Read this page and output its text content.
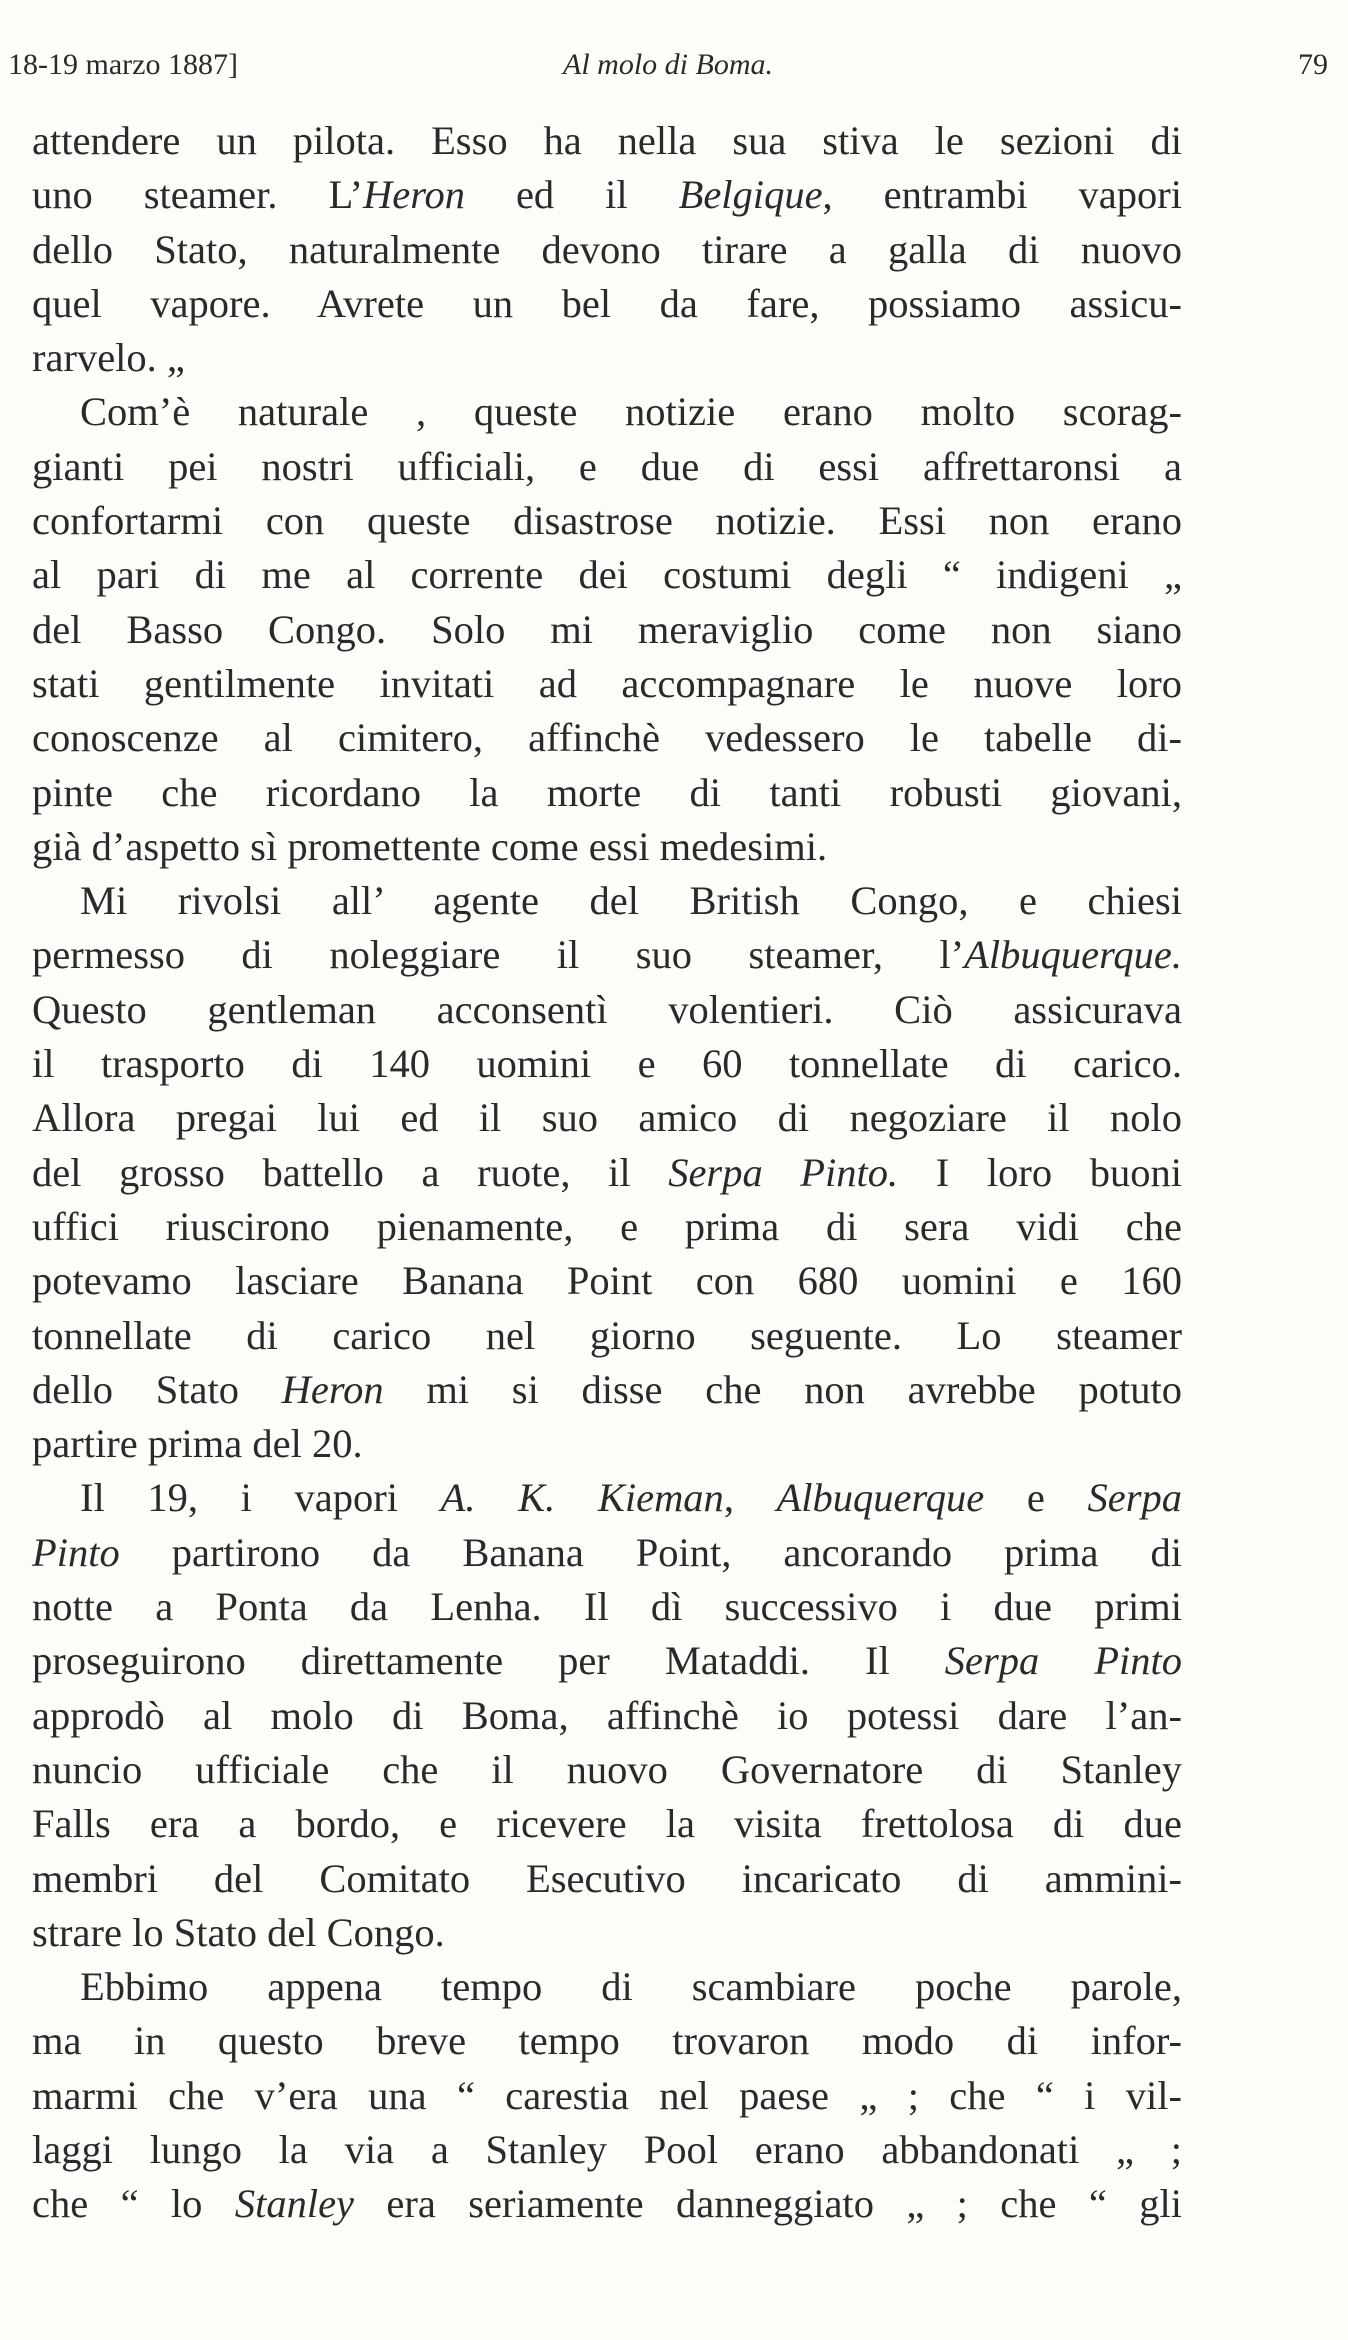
18-19 marzo 1887]	Al molo di Boma.	79
attendere un pilota. Esso ha nella sua stiva le sezioni di
uno steamer. L’Heron ed il Belgique, entrambi vapori
dello Stato, naturalmente devono tirare a galla di nuovo
quel vapore. Avrete un bel da fare, possiamo assicu-
rarvelo. „
Com’è naturale , queste notizie erano molto scorag-
gianti pei nostri ufficiali, e due di essi affrettaronsi a
confortarmi con queste disastrose notizie. Essi non erano
al pari di me al corrente dei costumi degli “ indigeni „
del Basso Congo. Solo mi meraviglio come non siano
stati gentilmente invitati ad accompagnare le nuove loro
conoscenze al cimitero, affinchè vedessero le tabelle di-
pinte che ricordano la morte di tanti robusti giovani,
già d’aspetto sì promettente come essi medesimi.
Mi rivolsi all’ agente del British Congo, e chiesi
permesso di noleggiare il suo steamer, l’Albuquerque.
Questo gentleman acconsentì volentieri. Ciò assicurava
il trasporto di 140 uomini e 60 tonnellate di carico.
Allora pregai lui ed il suo amico di negoziare il nolo
del grosso battello a ruote, il Serpa Pinto. I loro buoni
uffici riuscirono pienamente, e prima di sera vidi che
potevamo lasciare Banana Point con 680 uomini e 160
tonnellate di carico nel giorno seguente. Lo steamer
dello Stato Heron mi si disse che non avrebbe potuto
partire prima del 20.
Il 19, i vapori A. K. Kieman, Albuquerque e Serpa
Pinto partirono da Banana Point, ancorando prima di
notte a Ponta da Lenha. Il dì successivo i due primi
proseguirono direttamente per Mataddi. Il Serpa Pinto
approdò al molo di Boma, affinchè io potessi dare l’an-
nuncio ufficiale che il nuovo Governatore di Stanley
Falls era a bordo, e ricevere la visita frettolosa di due
membri del Comitato Esecutivo incaricato di ammini-
strare lo Stato del Congo.
Ebbimo appena tempo di scambiare poche parole,
ma in questo breve tempo trovaron modo di infor-
marmi che v’era una “ carestia nel paese „ ; che “ i vil-
laggi lungo la via a Stanley Pool erano abbandonati „ ;
che “ lo Stanley era seriamente danneggiato „ ; che “ gli
